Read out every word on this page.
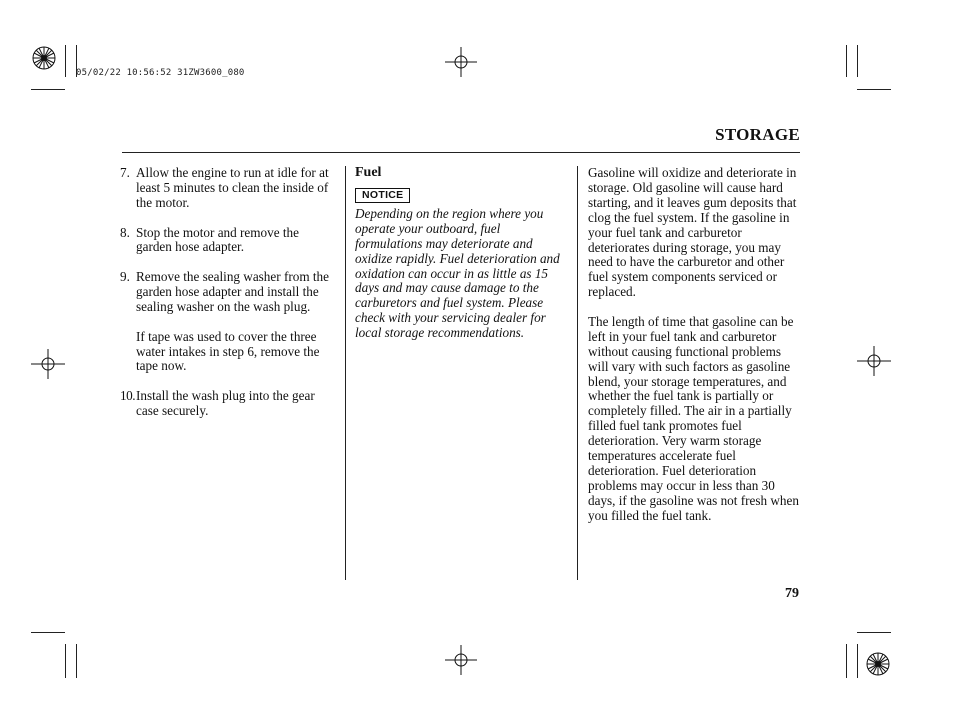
05/02/22 10:56:52 31ZW3600_080
STORAGE
7. Allow the engine to run at idle for at least 5 minutes to clean the inside of the motor.
8. Stop the motor and remove the garden hose adapter.
9. Remove the sealing washer from the garden hose adapter and install the sealing washer on the wash plug.
If tape was used to cover the three water intakes in step 6, remove the tape now.
10. Install the wash plug into the gear case securely.
Fuel
NOTICE
Depending on the region where you operate your outboard, fuel formulations may deteriorate and oxidize rapidly. Fuel deterioration and oxidation can occur in as little as 15 days and may cause damage to the carburetors and fuel system. Please check with your servicing dealer for local storage recommendations.
Gasoline will oxidize and deteriorate in storage. Old gasoline will cause hard starting, and it leaves gum deposits that clog the fuel system. If the gasoline in your fuel tank and carburetor deteriorates during storage, you may need to have the carburetor and other fuel system components serviced or replaced.
The length of time that gasoline can be left in your fuel tank and carburetor without causing functional problems will vary with such factors as gasoline blend, your storage temperatures, and whether the fuel tank is partially or completely filled. The air in a partially filled fuel tank promotes fuel deterioration. Very warm storage temperatures accelerate fuel deterioration. Fuel deterioration problems may occur in less than 30 days, if the gasoline was not fresh when you filled the fuel tank.
79
